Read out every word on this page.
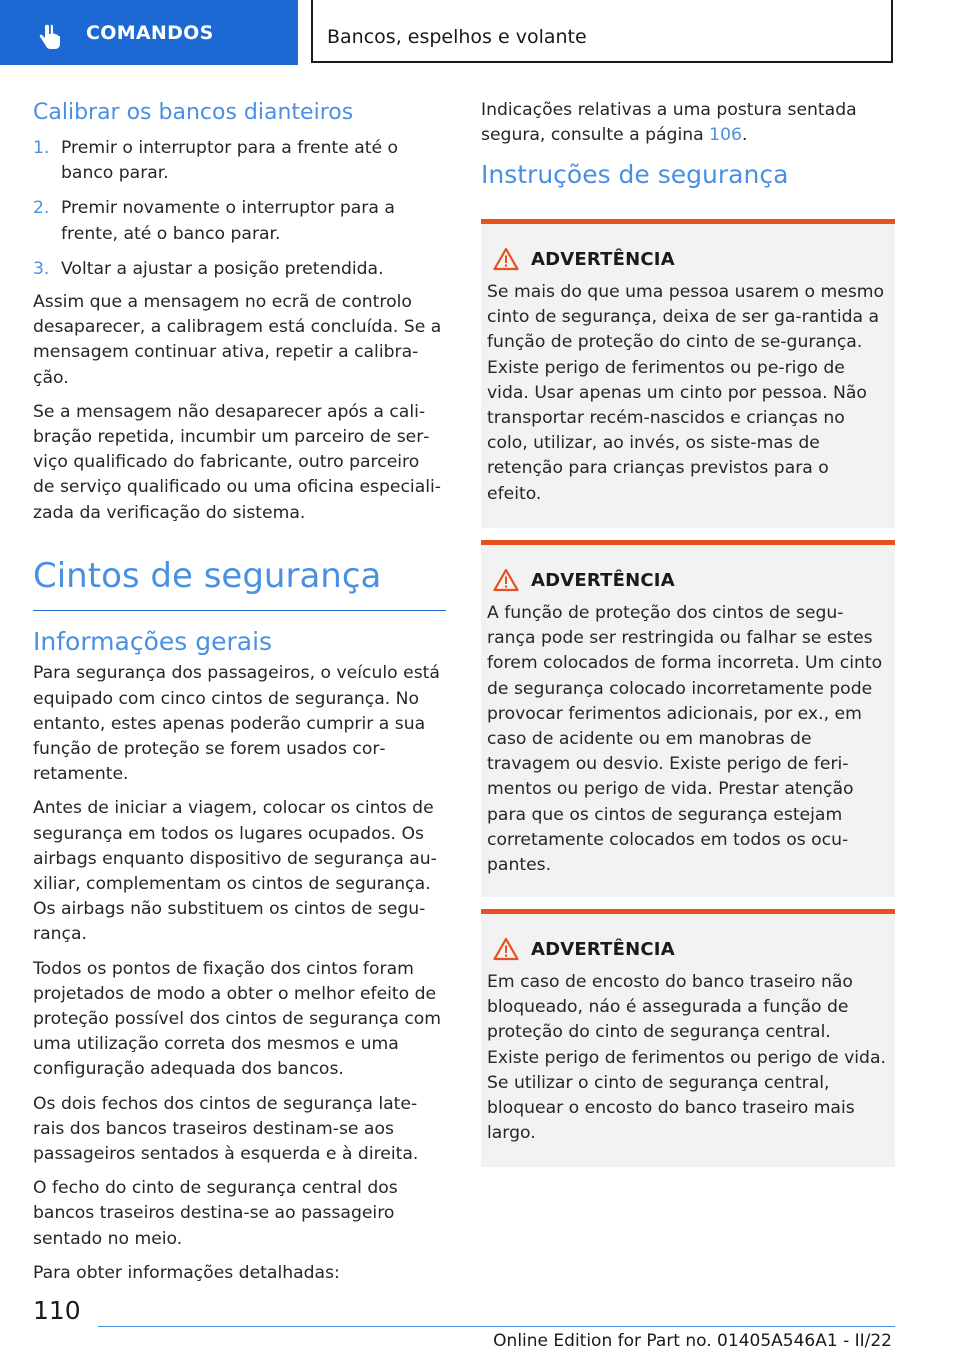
COMANDOS	Bancos, espelhos e volante
Calibrar os bancos dianteiros
1. Premir o interruptor para a frente até o banco parar.
2. Premir novamente o interruptor para a frente, até o banco parar.
3. Voltar a ajustar a posição pretendida.

Assim que a mensagem no ecrã de controlo desaparecer, a calibragem está concluída. Se a mensagem continuar ativa, repetir a calibra‐ção.

Se a mensagem não desaparecer após a cali‐bração repetida, incumbir um parceiro de ser‐viço qualificado do fabricante, outro parceiro de serviço qualificado ou uma oficina especiali‐zada da verificação do sistema.

Cintos de segurança
Informações gerais

Para segurança dos passageiros, o veículo está equipado com cinco cintos de segurança. No entanto, estes apenas poderão cumprir a sua função de proteção se forem usados cor‐retamente.

Antes de iniciar a viagem, colocar os cintos de segurança em todos os lugares ocupados. Os airbags enquanto dispositivo de segurança au‐xiliar, complementam os cintos de segurança. Os airbags não substituem os cintos de segu‐rança.

Todos os pontos de fixação dos cintos foram projetados de modo a obter o melhor efeito de proteção possível dos cintos de segurança com uma utilização correta dos mesmos e uma configuração adequada dos bancos.

Os dois fechos dos cintos de segurança late‐rais dos bancos traseiros destinam-se aos passageiros sentados à esquerda e à direita.

O fecho do cinto de segurança central dos bancos traseiros destina-se ao passageiro sentado no meio.

Para obter informações detalhadas:

Indicações relativas a uma postura sentada segura, consulte a página 106.

Instruções de segurança
ADVERTÊNCIA

Se mais do que uma pessoa usarem o mesmo cinto de segurança, deixa de ser ga‐rantida a função de proteção do cinto de se‐gurança. Existe perigo de ferimentos ou pe‐rigo de vida. Usar apenas um cinto por pessoa. Não transportar recém-nascidos e crianças no colo, utilizar, ao invés, os siste‐mas de retenção para crianças previstos para o efeito.

ADVERTÊNCIA

A função de proteção dos cintos de segu‐rança pode ser restringida ou falhar se estes forem colocados de forma incorreta. Um cinto de segurança colocado incorretamente pode provocar ferimentos adicionais, por ex., em caso de acidente ou em manobras de travagem ou desvio. Existe perigo de feri‐mentos ou perigo de vida. Prestar atenção para que os cintos de segurança estejam corretamente colocados em todos os ocu‐pantes.

ADVERTÊNCIA

Em caso de encosto do banco traseiro não bloqueado, náo é assegurada a função de proteção do cinto de segurança central. Existe perigo de ferimentos ou perigo de vida. Se utilizar o cinto de segurança central, bloquear o encosto do banco traseiro mais largo.

110
Online Edition for Part no. 01405A546A1 - II/22
